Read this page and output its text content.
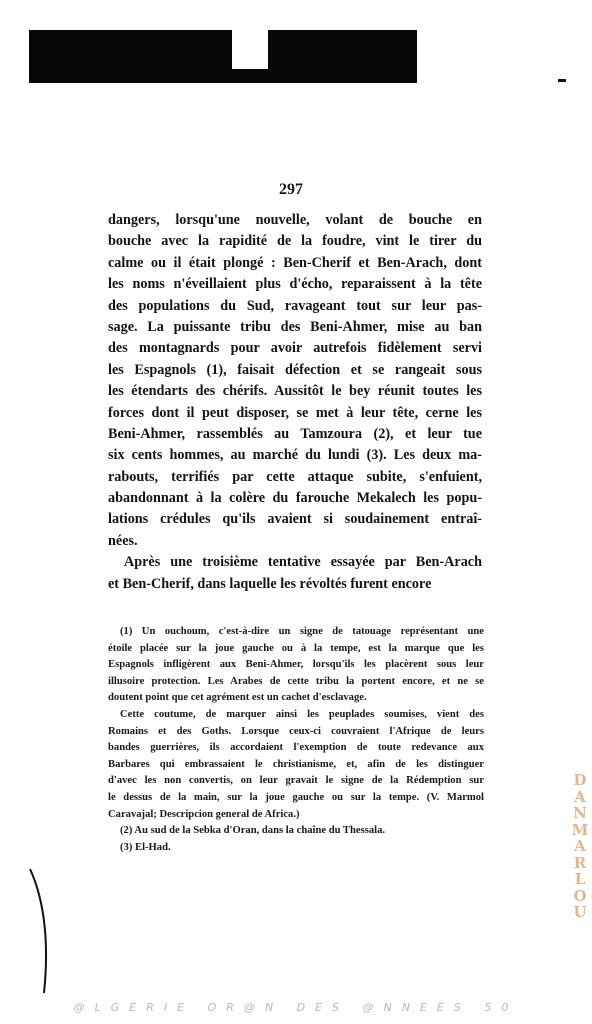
297
dangers, lorsqu'une nouvelle, volant de bouche en
bouche avec la rapidité de la foudre, vint le tirer du
calme ou il était plongé : Ben-Cherif et Ben-Arach, dont
les noms n'éveillaient plus d'écho, reparaissent à la tête
des populations du Sud, ravageant tout sur leur pas-
sage. La puissante tribu des Beni-Ahmer, mise au ban
des montagnards pour avoir autrefois fidèlement servi
les Espagnols (1), faisait défection et se rangeait sous
les étendarts des chérifs. Aussitôt le bey réunit toutes les
forces dont il peut disposer, se met à leur tête, cerne les
Beni-Ahmer, rassemblés au Tamzoura (2), et leur tue
six cents hommes, au marché du lundi (3). Les deux ma-
rabouts, terrifiés par cette attaque subite, s'enfuient,
abandonnant à la colère du farouche Mekalech les popu-
lations crédules qu'ils avaient si soudainement entraî-
nées.
Après une troisième tentative essayée par Ben-Arach
et Ben-Cherif, dans laquelle les révoltés furent encore
(1) Un ouchoum, c'est-à-dire un signe de tatouage représentant une
étoile placée sur la joue gauche ou à la tempe, est la marque que les
Espagnols infligèrent aux Beni-Ahmer, lorsqu'ils les placèrent sous leur
illusoire protection. Les Arabes de cette tribu la portent encore, et ne se
doutent point que cet agrément est un cachet d'esclavage.
Cette coutume, de marquer ainsi les peuplades soumises, vient des
Romains et des Goths. Lorsque ceux-ci couvraient l'Afrique de leurs
bandes guerrières, ils accordaient l'exemption de toute redevance aux
Barbares qui embrassaient le christianisme, et, afin de les distinguer
d'avec les non convertis, on leur gravait le signe de la Rédemption sur
le dessus de la main, sur la joue gauche ou sur la tempe. (V. Marmol
Caravajal; Descripcion general de Africa.)
(2) Au sud de la Sebka d'Oran, dans la chaîne du Thessala.
(3) El-Had.
D
A
N
M
A
R
L
O
U
@LGERIE OR@N DES @NNEES 50
